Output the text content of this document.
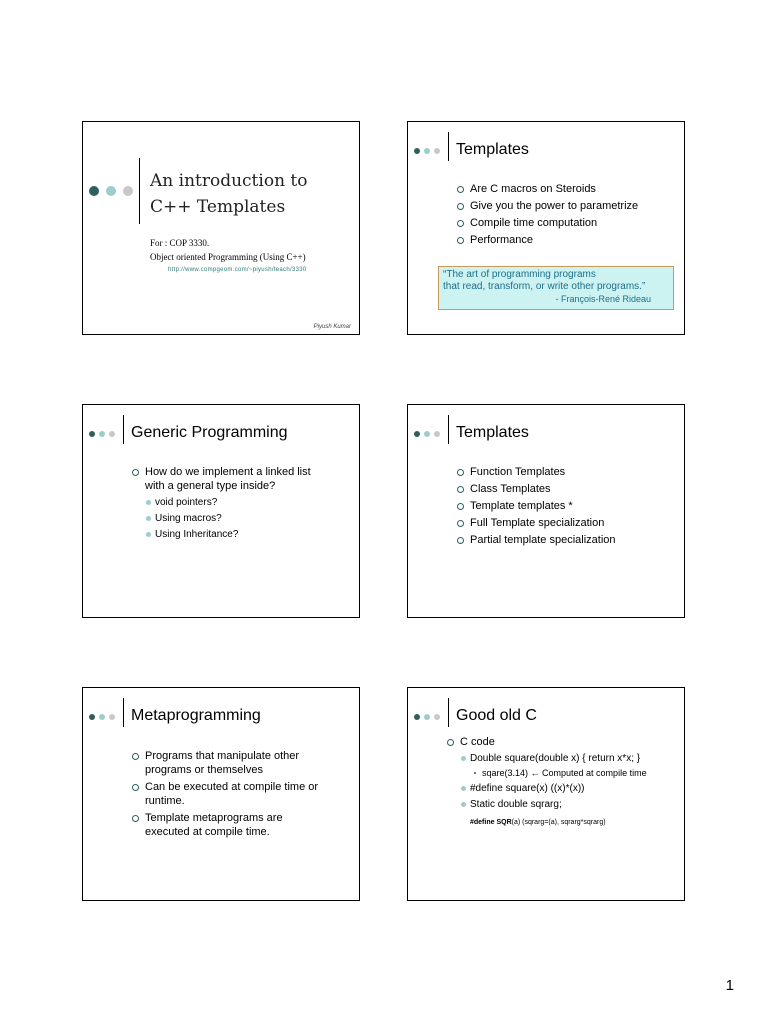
An introduction to
C++ Templates
For : COP 3330.
Object oriented Programming (Using C++)
http://www.compgeom.com/~piyush/teach/3330
Piyush Kumar
Templates
Are C macros on Steroids
Give you the power to parametrize
Compile time computation
Performance
“The art of programming programs
that read, transform, or write other programs.”
- François-René Rideau
Generic Programming
How do we implement a linked list
with a general type inside?
void pointers?
Using macros?
Using Inheritance?
Templates
Function Templates
Class Templates
Template templates *
Full Template specialization
Partial template specialization
Metaprogramming
Programs that manipulate other
programs or themselves
Can be executed at compile time or
runtime.
Template metaprograms are
executed at compile time.
Good old C
C code
Double square(double x) { return x*x; }
sqare(3.14) ← Computed at compile time
#define square(x) ((x)*(x))
Static double sqrarg;
#define SQR(a) (sqrarg=(a), sqrarg*sqrarg)
1
